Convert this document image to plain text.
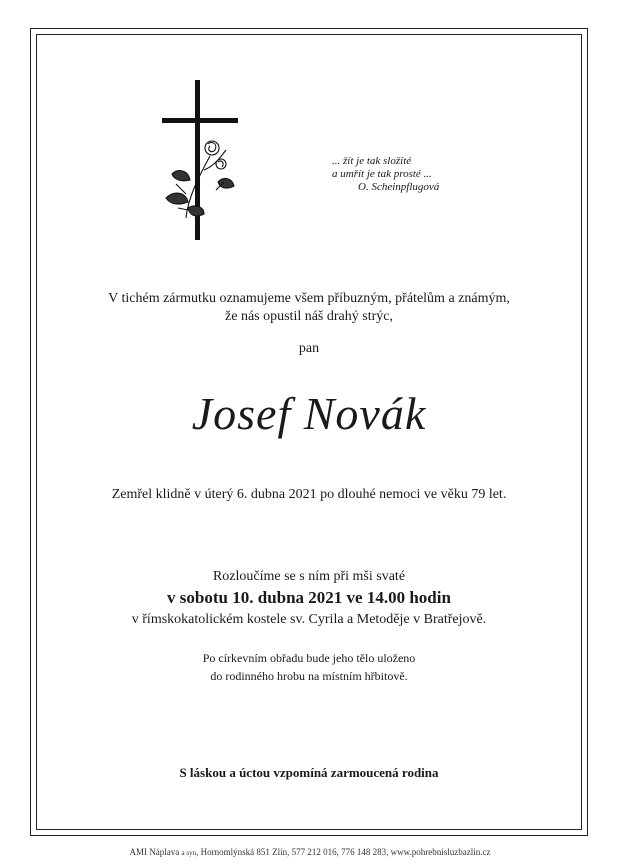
... žít je tak složité
a umřít je tak prosté ...
O. Scheinpflugová
V tichém zármutku oznamujeme všem příbuzným, přátelům a známým,
že nás opustil náš drahý strýc,
pan
Josef Novák
Zemřel klidně v úterý 6. dubna 2021 po dlouhé nemoci ve věku 79 let.
Rozloučíme se s ním při mši svaté
v sobotu 10. dubna 2021 ve 14.00 hodin
v římskokatolickém kostele sv. Cyrila a Metoděje v Bratřejově.
Po církevním obřadu bude jeho tělo uloženo
do rodinného hrobu na místním hřbitově.
S láskou a úctou vzpomíná zarmoucená rodina
AMI Náplava a syn, Hornomlýnská 851 Zlín, 577 212 016, 776 148 283, www.pohrebnisluzbazlin.cz
